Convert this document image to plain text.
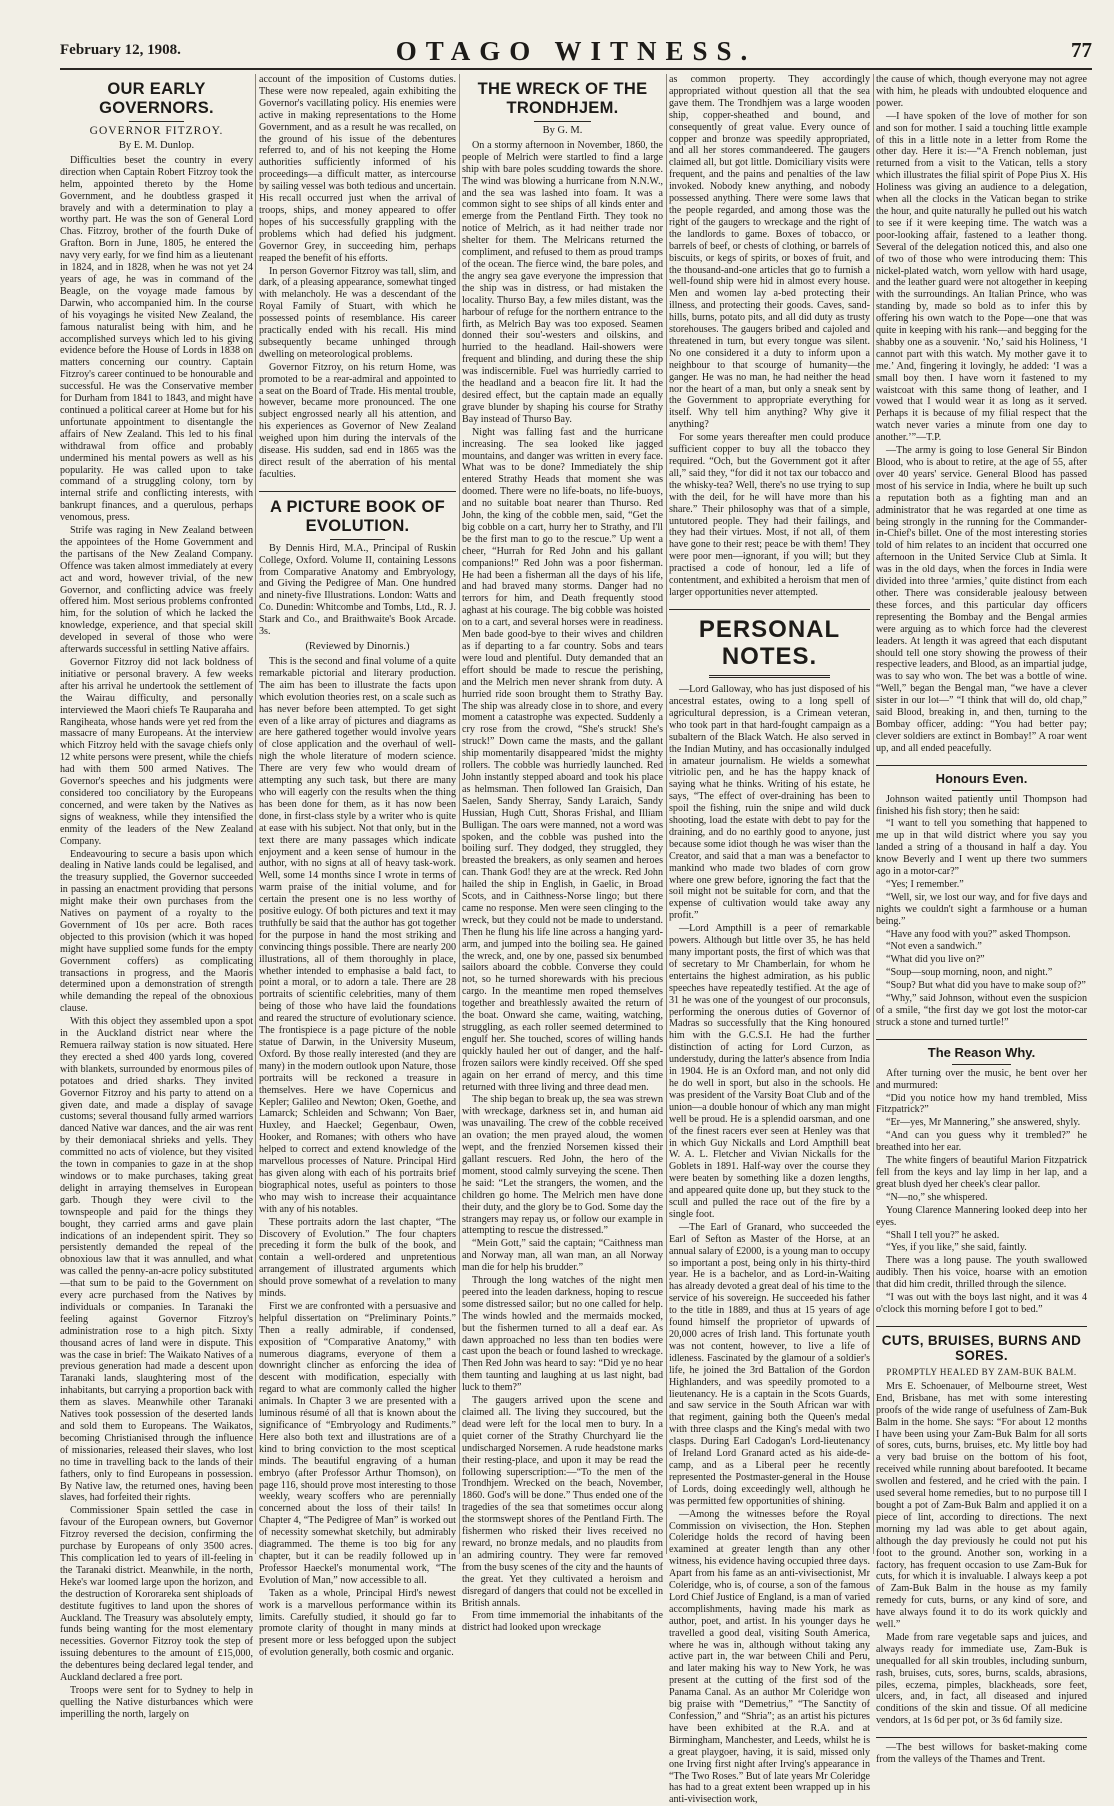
February 12, 1908.	OTAGO WITNESS.	77
OUR EARLY GOVERNORS.
GOVERNOR FITZROY.
By E. M. Dunlop.

Difficulties beset the country in every direction when Captain Robert Fitzroy took the helm, appointed thereto by the Home Government, and he doubtless grasped it bravely and with a determination to play a worthy part. He was the son of General Lord Chas. Fitzroy, brother of the fourth Duke of Grafton. Born in June, 1805, he entered the navy very early, for we find him as a lieutenant in 1824, and in 1828, when he was not yet 24 years of age, he was in command of the Beagle, on the voyage made famous by Darwin, who accompanied him. In the course of his voyagings he visited New Zealand, the famous naturalist being with him, and he accomplished surveys which led to his giving evidence before the House of Lords in 1838 on matters concerning our country. Captain Fitzroy's career continued to be honourable and successful. He was the Conservative member for Durham from 1841 to 1843, and might have continued a political career at Home but for his unfortunate appointment to disentangle the affairs of New Zealand. This led to his final withdrawal from office and probably undermined his mental powers as well as his popularity. He was called upon to take command of a struggling colony, torn by internal strife and conflicting interests, with bankrupt finances, and a querulous, perhaps venomous, press.

Strife was raging in New Zealand between the appointees of the Home Government and the partisans of the New Zealand Company. Offence was taken almost immediately at every act and word, however trivial, of the new Governor, and conflicting advice was freely offered him. Most serious problems confronted him, for the solution of which he lacked the knowledge, experience, and that special skill developed in several of those who were afterwards successful in settling Native affairs.

Governor Fitzroy did not lack boldness of initiative or personal bravery. A few weeks after his arrival he undertook the settlement of the Wairau difficulty, and personally interviewed the Maori chiefs Te Rauparaha and Rangiheata, whose hands were yet red from the massacre of many Europeans. At the interview which Fitzroy held with the savage chiefs only 12 white persons were present, while the chiefs had with them 500 armed Natives. The Governor's speeches and his judgments were considered too conciliatory by the Europeans concerned, and were taken by the Natives as signs of weakness, while they intensified the enmity of the leaders of the New Zealand Company.

Endeavouring to secure a basis upon which dealing in Native lands could be legalised, and the treasury supplied, the Governor succeeded in passing an enactment providing that persons might make their own purchases from the Natives on payment of a royalty to the Government of 10s per acre. Both races objected to this provision (which it was hoped might have supplied some funds for the empty Government coffers) as complicating transactions in progress, and the Maoris determined upon a demonstration of strength while demanding the repeal of the obnoxious clause.

With this object they assembled upon a spot in the Auckland district near where the Remuera railway station is now situated. Here they erected a shed 400 yards long, covered with blankets, surrounded by enormous piles of potatoes and dried sharks. They invited Governor Fitzroy and his party to attend on a given date, and made a display of savage customs; several thousand fully armed warriors danced Native war dances, and the air was rent by their demoniacal shrieks and yells. They committed no acts of violence, but they visited the town in companies to gaze in at the shop windows or to make purchases, taking great delight in arraying themselves in European garb. Though they were civil to the townspeople and paid for the things they bought, they carried arms and gave plain indications of an independent spirit. They so persistently demanded the repeal of the obnoxious law that it was annulled, and what was called the penny-an-acre policy substituted—that sum to be paid to the Government on every acre purchased from the Natives by individuals or companies. In Taranaki the feeling against Governor Fitzroy's administration rose to a high pitch. Sixty thousand acres of land were in dispute. This was the case in brief: The Waikato Natives of a previous generation had made a descent upon Taranaki lands, slaughtering most of the inhabitants, but carrying a proportion back with them as slaves. Meanwhile other Taranaki Natives took possession of the deserted lands and sold them to Europeans. The Waikatos, becoming Christianised through the influence of missionaries, released their slaves, who lost no time in travelling back to the lands of their fathers, only to find Europeans in possession. By Native law, the returned ones, having been slaves, had forfeited their rights.

Commissioner Spain settled the case in favour of the European owners, but Governor Fitzroy reversed the decision, confirming the purchase by Europeans of only 3500 acres. This complication led to years of ill-feeling in the Taranaki district. Meanwhile, in the north, Heke's war loomed large upon the horizon, and the destruction of Kororareka sent shiploads of destitute fugitives to land upon the shores of Auckland. The Treasury was absolutely empty, funds being wanting for the most elementary necessities. Governor Fitzroy took the step of issuing debentures to the amount of £15,000, the debentures being declared legal tender, and Auckland declared a free port.

Troops were sent for to Sydney to help in quelling the Native disturbances which were imperilling the north, largely on

account of the imposition of Customs duties. These were now repealed, again exhibiting the Governor's vacillating policy. His enemies were active in making representations to the Home Government, and as a result he was recalled, on the ground of his issue of the debentures referred to, and of his not keeping the Home authorities sufficiently informed of his proceedings—a difficult matter, as intercourse by sailing vessel was both tedious and uncertain. His recall occurred just when the arrival of troops, ships, and money appeared to offer hopes of his successfully grappling with the problems which had defied his judgment. Governor Grey, in succeeding him, perhaps reaped the benefit of his efforts.

In person Governor Fitzroy was tall, slim, and dark, of a pleasing appearance, somewhat tinged with melancholy. He was a descendant of the Royal Family of Stuart, with which he possessed points of resemblance. His career practically ended with his recall. His mind subsequently became unhinged through dwelling on meteorological problems.

Governor Fitzroy, on his return Home, was promoted to be a rear-admiral and appointed to a seat on the Board of Trade. His mental trouble, however, became more pronounced. The one subject engrossed nearly all his attention, and his experiences as Governor of New Zealand weighed upon him during the intervals of the disease. His sudden, sad end in 1865 was the direct result of the aberration of his mental faculties.

A PICTURE BOOK OF EVOLUTION.

By Dennis Hird, M.A., Principal of Ruskin College, Oxford. Volume II, containing Lessons from Comparative Anatomy and Embryology, and Giving the Pedigree of Man. One hundred and ninety-five Illustrations. London: Watts and Co. Dunedin: Whitcombe and Tombs, Ltd., R. J. Stark and Co., and Braithwaite's Book Arcade. 3s.

(Reviewed by Dinornis.)

This is the second and final volume of a quite remarkable pictorial and literary production. The aim has been to illustrate the facts upon which evolution theories rest, on a scale such as has never before been attempted. To get sight even of a like array of pictures and diagrams as are here gathered together would involve years of close application and the overhaul of well-nigh the whole literature of modern science. There are very few who would dream of attempting any such task, but there are many who will eagerly con the results when the thing has been done for them, as it has now been done, in first-class style by a writer who is quite at ease with his subject. Not that only, but in the text there are many passages which indicate enjoyment and a keen sense of humour in the author, with no signs at all of heavy task-work. Well, some 14 months since I wrote in terms of warm praise of the initial volume, and for certain the present one is no less worthy of positive eulogy. Of both pictures and text it may truthfully be said that the author has got together for the purpose in hand the most striking and convincing things possible. There are nearly 200 illustrations, all of them thoroughly in place, whether intended to emphasise a bald fact, to point a moral, or to adorn a tale. There are 28 portraits of scientific celebrities, many of them being of those who have laid the foundations and reared the structure of evolutionary science. The frontispiece is a page picture of the noble statue of Darwin, in the University Museum, Oxford. By those really interested (and they are many) in the modern outlook upon Nature, those portraits will be reckoned a treasure in themselves. Here we have Copernicus and Kepler; Galileo and Newton; Oken, Goethe, and Lamarck; Schleiden and Schwann; Von Baer, Huxley, and Haeckel; Gegenbaur, Owen, Hooker, and Romanes; with others who have helped to correct and extend knowledge of the marvellous processes of Nature. Principal Hird has given along with each of his portraits brief biographical notes, useful as pointers to those who may wish to increase their acquaintance with any of his notables.

These portraits adorn the last chapter, “The Discovery of Evolution.” The four chapters preceding it form the bulk of the book, and contain a well-ordered and unpretentious arrangement of illustrated arguments which should prove somewhat of a revelation to many minds.

First we are confronted with a persuasive and helpful dissertation on “Preliminary Points.” Then a really admirable, if condensed, exposition of “Comparative Anatomy,” with numerous diagrams, everyone of them a downright clincher as enforcing the idea of descent with modification, especially with regard to what are commonly called the higher animals. In Chapter 3 we are presented with a luminous résumé of all that is known about the significance of “Embryology and Rudiments.” Here also both text and illustrations are of a kind to bring conviction to the most sceptical minds. The beautiful engraving of a human embryo (after Professor Arthur Thomson), on page 116, should prove most interesting to those weekly, weary scoffers who are perennially concerned about the loss of their tails! In Chapter 4, “The Pedigree of Man” is worked out of necessity somewhat sketchily, but admirably diagrammed. The theme is too big for any chapter, but it can be readily followed up in Professor Haeckel's monumental work, “The Evolution of Man,” now accessible to all.

Taken as a whole, Principal Hird's newest work is a marvellous performance within its limits. Carefully studied, it should go far to promote clarity of thought in many minds at present more or less befogged upon the subject of evolution generally, both cosmic and organic.

THE WRECK OF THE TRONDHJEM.
By G. M.

On a stormy afternoon in November, 1860, the people of Melrich were startled to find a large ship with bare poles scudding towards the shore. The wind was blowing a hurricane from N.N.W., and the sea was lashed into foam. It was a common sight to see ships of all kinds enter and emerge from the Pentland Firth. They took no notice of Melrich, as it had neither trade nor shelter for them. The Melricans returned the compliment, and refused to them as proud tramps of the ocean. The fierce wind, the bare poles, and the angry sea gave everyone the impression that the ship was in distress, or had mistaken the locality. Thurso Bay, a few miles distant, was the harbour of refuge for the northern entrance to the firth, as Melrich Bay was too exposed. Seamen donned their sou'-westers and oilskins, and hurried to the headland. Hail-showers were frequent and blinding, and during these the ship was indiscernible. Fuel was hurriedly carried to the headland and a beacon fire lit. It had the desired effect, but the captain made an equally grave blunder by shaping his course for Strathy Bay instead of Thurso Bay.

Night was falling fast and the hurricane increasing. The sea looked like jagged mountains, and danger was written in every face. What was to be done? Immediately the ship entered Strathy Heads that moment she was doomed. There were no life-boats, no life-buoys, and no suitable boat nearer than Thurso. Red John, the king of the cobble men, said, “Get the big cobble on a cart, hurry her to Strathy, and I'll be the first man to go to the rescue.” Up went a cheer, “Hurrah for Red John and his gallant companions!” Red John was a poor fisherman. He had been a fisherman all the days of his life, and had braved many storms. Danger had no terrors for him, and Death frequently stood aghast at his courage. The big cobble was hoisted on to a cart, and several horses were in readiness. Men bade good-bye to their wives and children as if departing to a far country. Sobs and tears were loud and plentiful. Duty demanded that an effort should be made to rescue the perishing, and the Melrich men never shrank from duty. A hurried ride soon brought them to Strathy Bay. The ship was already close in to shore, and every moment a catastrophe was expected. Suddenly a cry rose from the crowd, “She's struck! She's struck!” Down came the masts, and the gallant ship momentarily disappeared 'midst the mighty rollers. The cobble was hurriedly launched. Red John instantly stepped aboard and took his place as helmsman. Then followed Ian Graisich, Dan Saelen, Sandy Sherray, Sandy Laraich, Sandy Hussian, Hugh Cutt, Shoras Frishal, and Illiam Bulligan. The oars were manned, not a word was spoken, and the cobble was pushed into the boiling surf. They dodged, they struggled, they breasted the breakers, as only seamen and heroes can. Thank God! they are at the wreck. Red John hailed the ship in English, in Gaelic, in Broad Scots, and in Caithness-Norse lingo; but there came no response. Men were seen clinging to the wreck, but they could not be made to understand. Then he flung his life line across a hanging yard-arm, and jumped into the boiling sea. He gained the wreck, and, one by one, passed six benumbed sailors aboard the cobble. Converse they could not, so he turned shorewards with his precious cargo. In the meantime men roped themselves together and breathlessly awaited the return of the boat. Onward she came, waiting, watching, struggling, as each roller seemed determined to engulf her. She touched, scores of willing hands quickly hauled her out of danger, and the half-frozen sailors were kindly received. Off she sped again on her errand of mercy, and this time returned with three living and three dead men.

The ship began to break up, the sea was strewn with wreckage, darkness set in, and human aid was unavailing. The crew of the cobble received an ovation; the men prayed aloud, the women wept, and the frenzied Norsemen kissed their gallant rescuers. Red John, the hero of the moment, stood calmly surveying the scene. Then he said: “Let the strangers, the women, and the children go home. The Melrich men have done their duty, and the glory be to God. Some day the strangers may repay us, or follow our example in attempting to rescue the distressed.”

“Mein Gott,” said the captain; “Caithness man and Norway man, all wan man, an all Norway man die for help his brudder.”

Through the long watches of the night men peered into the leaden darkness, hoping to rescue some distressed sailor; but no one called for help. The winds howled and the mermaids mocked, but the fishermen turned to all a deaf ear. As dawn approached no less than ten bodies were cast upon the beach or found lashed to wreckage. Then Red John was heard to say: “Did ye no hear them taunting and laughing at us last night, bad luck to them?”

The gaugers arrived upon the scene and claimed all. The living they succoured, but the dead were left for the local men to bury. In a quiet corner of the Strathy Churchyard lie the undischarged Norsemen. A rude headstone marks their resting-place, and upon it may be read the following superscription:—“To the men of the Trondhjem. Wrecked on the beach, November, 1860. God's will be done.” Thus ended one of the tragedies of the sea that sometimes occur along the stormswept shores of the Pentland Firth. The fishermen who risked their lives received no reward, no bronze medals, and no plaudits from an admiring country. They were far removed from the busy scenes of the city and the haunts of the great. Yet they cultivated a heroism and disregard of dangers that could not be excelled in British annals.

From time immemorial the inhabitants of the district had looked upon wreckage

as common property. They accordingly appropriated without question all that the sea gave them. The Trondhjem was a large wooden ship, copper-sheathed and bound, and consequently of great value. Every ounce of copper and bronze was speedily appropriated, and all her stores commandeered. The gaugers claimed all, but got little. Domiciliary visits were frequent, and the pains and penalties of the law invoked. Nobody knew anything, and nobody possessed anything. There were some laws that the people regarded, and among those was the right of the gaugers to wreckage and the right of the landlords to game. Boxes of tobacco, or barrels of beef, or chests of clothing, or barrels of biscuits, or kegs of spirits, or boxes of fruit, and the thousand-and-one articles that go to furnish a well-found ship were hid in almost every house. Men and women lay a-bed protecting their illness, and protecting their goods. Caves, sand-hills, burns, potato pits, and all did duty as trusty storehouses. The gaugers bribed and cajoled and threatened in turn, but every tongue was silent. No one considered it a duty to inform upon a neighbour to that scourge of humanity—the ganger. He was no man, he had neither the head nor the heart of a man, but only a sneak sent by the Government to appropriate everything for itself. Why tell him anything? Why give it anything?

For some years thereafter men could produce sufficient copper to buy all the tobacco they required. “Och, but the Government got it after all,” said they, “for did it not tax our tobacco and the whisky-tea? Well, there's no use trying to sup with the deil, for he will have more than his share.” Their philosophy was that of a simple, untutored people. They had their failings, and they had their virtues. Most, if not all, of them have gone to their rest; peace be with them! They were poor men—ignorant, if you will; but they practised a code of honour, led a life of contentment, and exhibited a heroism that men of larger opportunities never attempted.

PERSONAL NOTES.

—Lord Galloway, who has just disposed of his ancestral estates, owing to a long spell of agricultural depression, is a Crimean veteran, who took part in that hard-fought campaign as a subaltern of the Black Watch. He also served in the Indian Mutiny, and has occasionally indulged in amateur journalism. He wields a somewhat vitriolic pen, and he has the happy knack of saying what he thinks. Writing of his estate, he says, “The effect of over-draining has been to spoil the fishing, ruin the snipe and wild duck shooting, load the estate with debt to pay for the draining, and do no earthly good to anyone, just because some idiot though he was wiser than the Creator, and said that a man was a benefactor to mankind who made two blades of corn grow where one grew before, ignoring the fact that the soil might not be suitable for corn, and that the expense of cultivation would take away any profit.”

—Lord Ampthill is a peer of remarkable powers. Although but little over 35, he has held many important posts, the first of which was that of secretary to Mr Chamberlain, for whom he entertains the highest admiration, as his public speeches have repeatedly testified. At the age of 31 he was one of the youngest of our proconsuls, performing the onerous duties of Governor of Madras so successfully that the King honoured him with the G.C.S.I. He had the further distinction of acting for Lord Curzon, as understudy, during the latter's absence from India in 1904. He is an Oxford man, and not only did he do well in sport, but also in the schools. He was president of the Varsity Boat Club and of the union—a double honour of which any man might well be proud. He is a splendid oarsman, and one of the finest racers ever seen at Henley was that in which Guy Nickalls and Lord Ampthill beat W. A. L. Fletcher and Vivian Nickalls for the Goblets in 1891. Half-way over the course they were beaten by something like a dozen lengths, and appeared quite done up, but they stuck to the scull and pulled the race out of the fire by a single foot.

—The Earl of Granard, who succeeded the Earl of Sefton as Master of the Horse, at an annual salary of £2000, is a young man to occupy so important a post, being only in his thirty-third year. He is a bachelor, and as Lord-in-Waiting has already devoted a great deal of his time to the service of his sovereign. He succeeded his father to the title in 1889, and thus at 15 years of age found himself the proprietor of upwards of 20,000 acres of Irish land. This fortunate youth was not content, however, to live a life of idleness. Fascinated by the glamour of a soldier's life, he joined the 3rd Battalion of the Gordon Highlanders, and was speedily promoted to a lieutenancy. He is a captain in the Scots Guards, and saw service in the South African war with that regiment, gaining both the Queen's medal with three clasps and the King's medal with two clasps. During Earl Cadogan's Lord-lieutenancy of Ireland Lord Granard acted as his aide-de-camp, and as a Liberal peer he recently represented the Postmaster-general in the House of Lords, doing exceedingly well, although he was permitted few opportunities of shining.

—Among the witnesses before the Royal Commission on vivisection, the Hon. Stephen Coleridge holds the record of having been examined at greater length than any other witness, his evidence having occupied three days. Apart from his fame as an anti-vivisectionist, Mr Coleridge, who is, of course, a son of the famous Lord Chief Justice of England, is a man of varied accomplishments, having made his mark as author, poet, and artist. In his younger days he travelled a good deal, visiting South America, where he was in, although without taking any active part in, the war between Chili and Peru, and later making his way to New York, he was present at the cutting of the first sod of the Panama Canal. As an author Mr Coleridge won big praise with “Demetrius,” “The Sanctity of Confession,” and “Shria”; as an artist his pictures have been exhibited at the R.A. and at Birmingham, Manchester, and Leeds, whilst he is a great playgoer, having, it is said, missed only one Irving first night after Irving's appearance in “The Two Roses.” But of late years Mr Coleridge has had to a great extent been wrapped up in his anti-vivisection work,

the cause of which, though everyone may not agree with him, he pleads with undoubted eloquence and power.

—I have spoken of the love of mother for son and son for mother. I said a touching little example of this in a little note in a letter from Rome the other day. Here it is:—“A French nobleman, just returned from a visit to the Vatican, tells a story which illustrates the filial spirit of Pope Pius X. His Holiness was giving an audience to a delegation, when all the clocks in the Vatican began to strike the hour, and quite naturally he pulled out his watch to see if it were keeping time. The watch was a poor-looking affair, fastened to a leather thong. Several of the delegation noticed this, and also one of two of those who were introducing them: This nickel-plated watch, worn yellow with hard usage, and the leather guard were not altogether in keeping with the surroundings. An Italian Prince, who was standing by, made so bold as to infer this by offering his own watch to the Pope—one that was quite in keeping with his rank—and begging for the shabby one as a souvenir. ‘No,’ said his Holiness, ‘I cannot part with this watch. My mother gave it to me.’ And, fingering it lovingly, he added: ‘I was a small boy then. I have worn it fastened to my waistcoat with this same thong of leather, and I vowed that I would wear it as long as it served. Perhaps it is because of my filial respect that the watch never varies a minute from one day to another.’”—T.P.

—The army is going to lose General Sir Bindon Blood, who is about to retire, at the age of 55, after over 40 years' service. General Blood has passed most of his service in India, where he built up such a reputation both as a fighting man and an administrator that he was regarded at one time as being strongly in the running for the Commander-in-Chief's billet. One of the most interesting stories told of him relates to an incident that occurred one afternoon in the United Service Club at Simla. It was in the old days, when the forces in India were divided into three ‘armies,’ quite distinct from each other. There was considerable jealousy between these forces, and this particular day officers representing the Bombay and the Bengal armies were arguing as to which force had the cleverest leaders. At length it was agreed that each disputant should tell one story showing the prowess of their respective leaders, and Blood, as an impartial judge, was to say who won. The bet was a bottle of wine. “Well,” began the Bengal man, “we have a clever sister in our lot—” “I think that will do, old chap,” said Blood, breaking in, and then, turning to the Bombay officer, adding: “You had better pay; clever soldiers are extinct in Bombay!” A roar went up, and all ended peacefully.

Honours Even.

Johnson waited patiently until Thompson had finished his fish story; then he said:

“I want to tell you something that happened to me up in that wild district where you say you landed a string of a thousand in half a day. You know Beverly and I went up there two summers ago in a motor-car?”

“Yes; I remember.”

“Well, sir, we lost our way, and for five days and nights we couldn't sight a farmhouse or a human being.”

“Have any food with you?” asked Thompson.

“Not even a sandwich.”

“What did you live on?”

“Soup—soup morning, noon, and night.”

“Soup? But what did you have to make soup of?”

“Why,” said Johnson, without even the suspicion of a smile, “the first day we got lost the motor-car struck a stone and turned turtle!”

The Reason Why.

After turning over the music, he bent over her and murmured:

“Did you notice how my hand trembled, Miss Fitzpatrick?”

“Er—yes, Mr Mannering,” she answered, shyly.

“And can you guess why it trembled?” he breathed into her ear.

The white fingers of beautiful Marion Fitzpatrick fell from the keys and lay limp in her lap, and a great blush dyed her cheek's clear pallor.

“N—no,” she whispered.

Young Clarence Mannering looked deep into her eyes.

“Shall I tell you?” he asked.

“Yes, if you like,” she said, faintly.

There was a long pause. The youth swallowed audibly. Then his voice, hoarse with an emotion that did him credit, thrilled through the silence.

“I was out with the boys last night, and it was 4 o'clock this morning before I got to bed.”

CUTS, BRUISES, BURNS AND SORES.
PROMPTLY HEALED BY ZAM-BUK BALM.

Mrs E. Schoenauer, of Melbourne street, West End, Brisbane, has met with some interesting proofs of the wide range of usefulness of Zam-Buk Balm in the home. She says: “For about 12 months I have been using your Zam-Buk Balm for all sorts of sores, cuts, burns, bruises, etc. My little boy had a very bad bruise on the bottom of his foot, received while running about barefooted. It became swollen and festered, and he cried with the pain. I used several home remedies, but to no purpose till I bought a pot of Zam-Buk Balm and applied it on a piece of lint, according to directions. The next morning my lad was able to get about again, although the day previously he could not put his foot to the ground. Another son, working in a factory, has frequent occasion to use Zam-Buk for cuts, for which it is invaluable. I always keep a pot of Zam-Buk Balm in the house as my family remedy for cuts, burns, or any kind of sore, and have always found it to do its work quickly and well.”

Made from rare vegetable saps and juices, and always ready for immediate use, Zam-Buk is unequalled for all skin troubles, including sunburn, rash, bruises, cuts, sores, burns, scalds, abrasions, piles, eczema, pimples, blackheads, sore feet, ulcers, and, in fact, all diseased and injured conditions of the skin and tissue. Of all medicine vendors, at 1s 6d per pot, or 3s 6d family size.

—The best willows for basket-making come from the valleys of the Thames and Trent.
